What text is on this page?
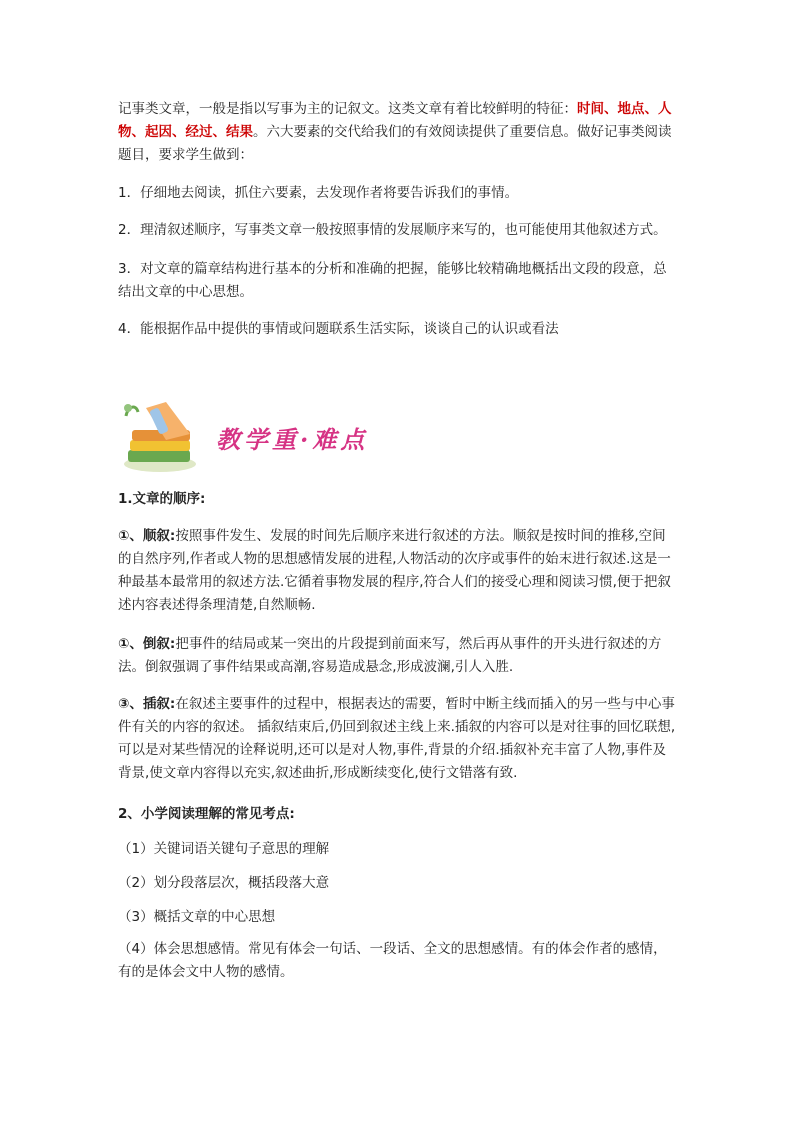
记事类文章，一般是指以写事为主的记叙文。这类文章有着比较鲜明的特征：时间、地点、人物、起因、经过、结果。六大要素的交代给我们的有效阅读提供了重要信息。做好记事类阅读题目，要求学生做到：

1．仔细地去阅读，抓住六要素，去发现作者将要告诉我们的事情。

2．理清叙述顺序，写事类文章一般按照事情的发展顺序来写的，也可能使用其他叙述方式。

3．对文章的篇章结构进行基本的分析和准确的把握，能够比较精确地概括出文段的段意，总结出文章的中心思想。

4．能根据作品中提供的事情或问题联系生活实际，谈谈自己的认识或看法

教学重·难点

1.文章的顺序:

①、顺叙:按照事件发生、发展的时间先后顺序来进行叙述的方法。顺叙是按时间的推移,空间的自然序列,作者或人物的思想感情发展的进程,人物活动的次序或事件的始末进行叙述.这是一种最基本最常用的叙述方法.它循着事物发展的程序,符合人们的接受心理和阅读习惯,便于把叙述内容表述得条理清楚,自然顺畅.

①、倒叙:把事件的结局或某一突出的片段提到前面来写，然后再从事件的开头进行叙述的方法。倒叙强调了事件结果或高潮,容易造成悬念,形成波澜,引人入胜.

③、插叙:在叙述主要事件的过程中，根据表达的需要，暂时中断主线而插入的另一些与中心事件有关的内容的叙述。 插叙结束后,仍回到叙述主线上来.插叙的内容可以是对往事的回忆联想,可以是对某些情况的诠释说明,还可以是对人物,事件,背景的介绍.插叙补充丰富了人物,事件及背景,使文章内容得以充实,叙述曲折,形成断续变化,使行文错落有致.

2、小学阅读理解的常见考点:

（1）关键词语关键句子意思的理解

（2）划分段落层次，概括段落大意

（3）概括文章的中心思想

（4）体会思想感情。常见有体会一句话、一段话、全文的思想感情。有的体会作者的感情，有的是体会文中人物的感情。
